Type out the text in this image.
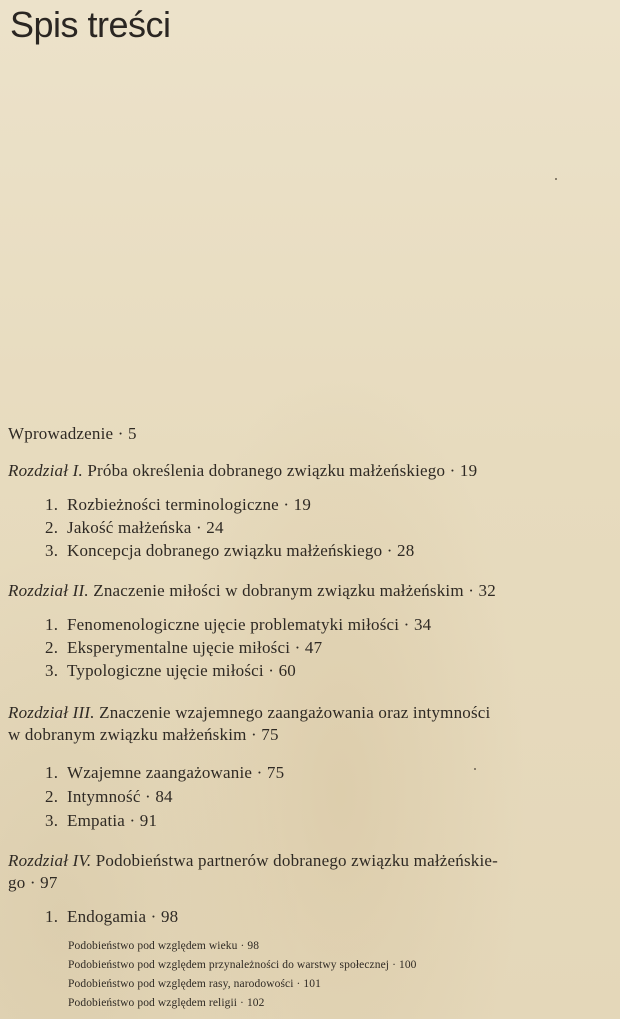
Spis treści
Wprowadzenie · 5
Rozdział I. Próba określenia dobranego związku małżeńskiego · 19
1. Rozbieżności terminologiczne · 19
2. Jakość małżeńska · 24
3. Koncepcja dobranego związku małżeńskiego · 28
Rozdział II. Znaczenie miłości w dobranym związku małżeńskim · 32
1. Fenomenologiczne ujęcie problematyki miłości · 34
2. Eksperymentalne ujęcie miłości · 47
3. Typologiczne ujęcie miłości · 60
Rozdział III. Znaczenie wzajemnego zaangażowania oraz intymności
w dobranym związku małżeńskim · 75
1. Wzajemne zaangażowanie · 75
2. Intymność · 84
3. Empatia · 91
Rozdział IV. Podobieństwa partnerów dobranego związku małżeńskie-
go · 97
1. Endogamia · 98
Podobieństwo pod względem wieku · 98
Podobieństwo pod względem przynależności do warstwy społecznej · 100
Podobieństwo pod względem rasy, narodowości · 101
Podobieństwo pod względem religii · 102
